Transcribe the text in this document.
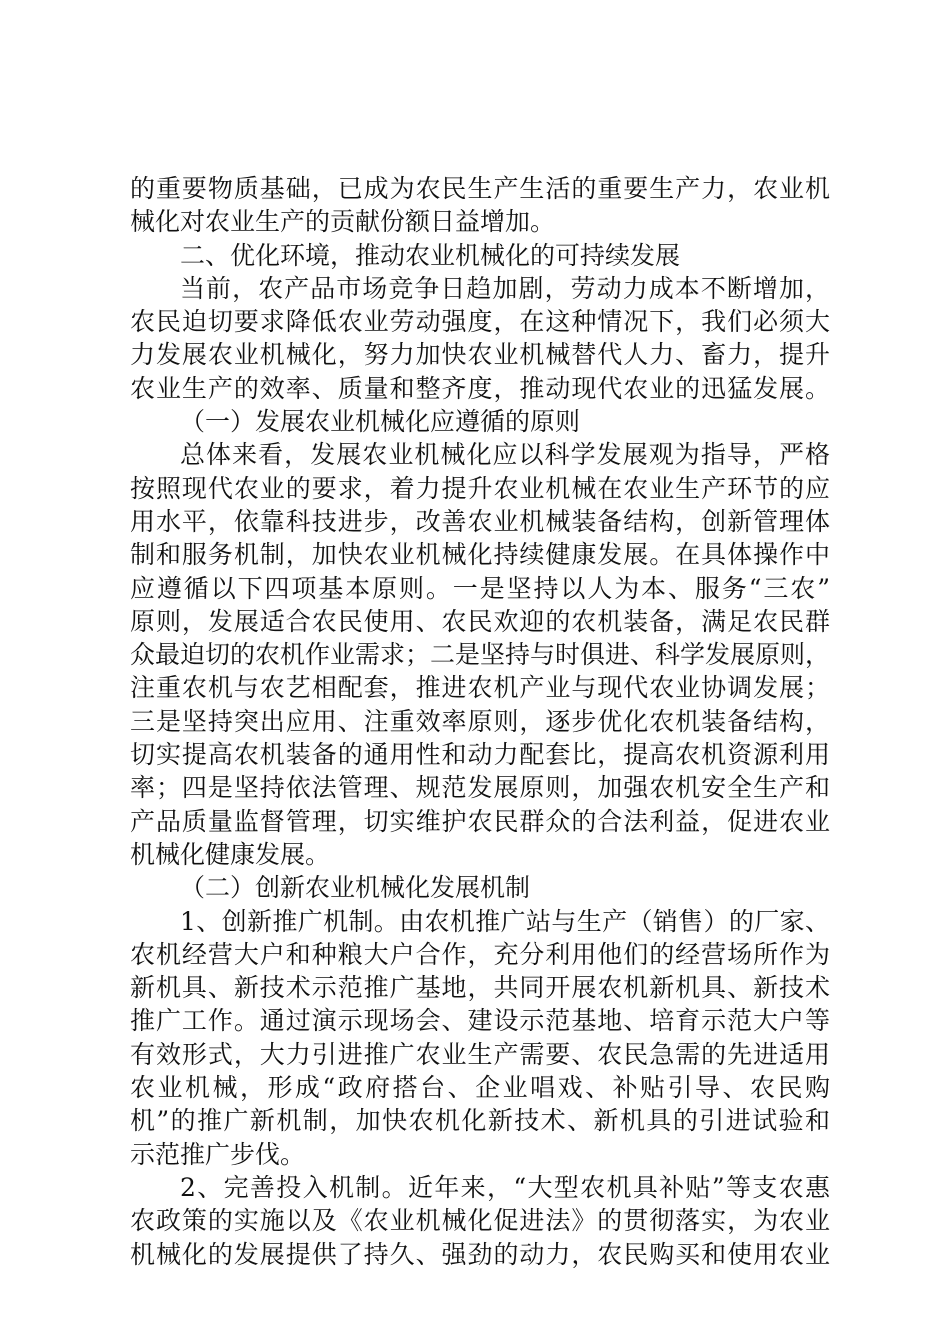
的重要物质基础，已成为农民生产生活的重要生产力，农业机
械化对农业生产的贡献份额日益增加。
二、优化环境，推动农业机械化的可持续发展
当前，农产品市场竞争日趋加剧，劳动力成本不断增加，
农民迫切要求降低农业劳动强度，在这种情况下，我们必须大
力发展农业机械化，努力加快农业机械替代人力、畜力，提升
农业生产的效率、质量和整齐度，推动现代农业的迅猛发展。
（一）发展农业机械化应遵循的原则
总体来看，发展农业机械化应以科学发展观为指导，严格
按照现代农业的要求，着力提升农业机械在农业生产环节的应
用水平，依靠科技进步，改善农业机械装备结构，创新管理体
制和服务机制，加快农业机械化持续健康发展。在具体操作中
应遵循以下四项基本原则。一是坚持以人为本、服务“三农”
原则，发展适合农民使用、农民欢迎的农机装备，满足农民群
众最迫切的农机作业需求；二是坚持与时俱进、科学发展原则，
注重农机与农艺相配套，推进农机产业与现代农业协调发展；
三是坚持突出应用、注重效率原则，逐步优化农机装备结构，
切实提高农机装备的通用性和动力配套比，提高农机资源利用
率；四是坚持依法管理、规范发展原则，加强农机安全生产和
产品质量监督管理，切实维护农民群众的合法利益，促进农业
机械化健康发展。
（二）创新农业机械化发展机制
1、创新推广机制。由农机推广站与生产（销售）的厂家、
农机经营大户和种粮大户合作，充分利用他们的经营场所作为
新机具、新技术示范推广基地，共同开展农机新机具、新技术
推广工作。通过演示现场会、建设示范基地、培育示范大户等
有效形式，大力引进推广农业生产需要、农民急需的先进适用
农业机械，形成“政府搭台、企业唱戏、补贴引导、农民购
机”的推广新机制，加快农机化新技术、新机具的引进试验和
示范推广步伐。
2、完善投入机制。近年来，“大型农机具补贴”等支农惠
农政策的实施以及《农业机械化促进法》的贯彻落实，为农业
机械化的发展提供了持久、强劲的动力，农民购买和使用农业
